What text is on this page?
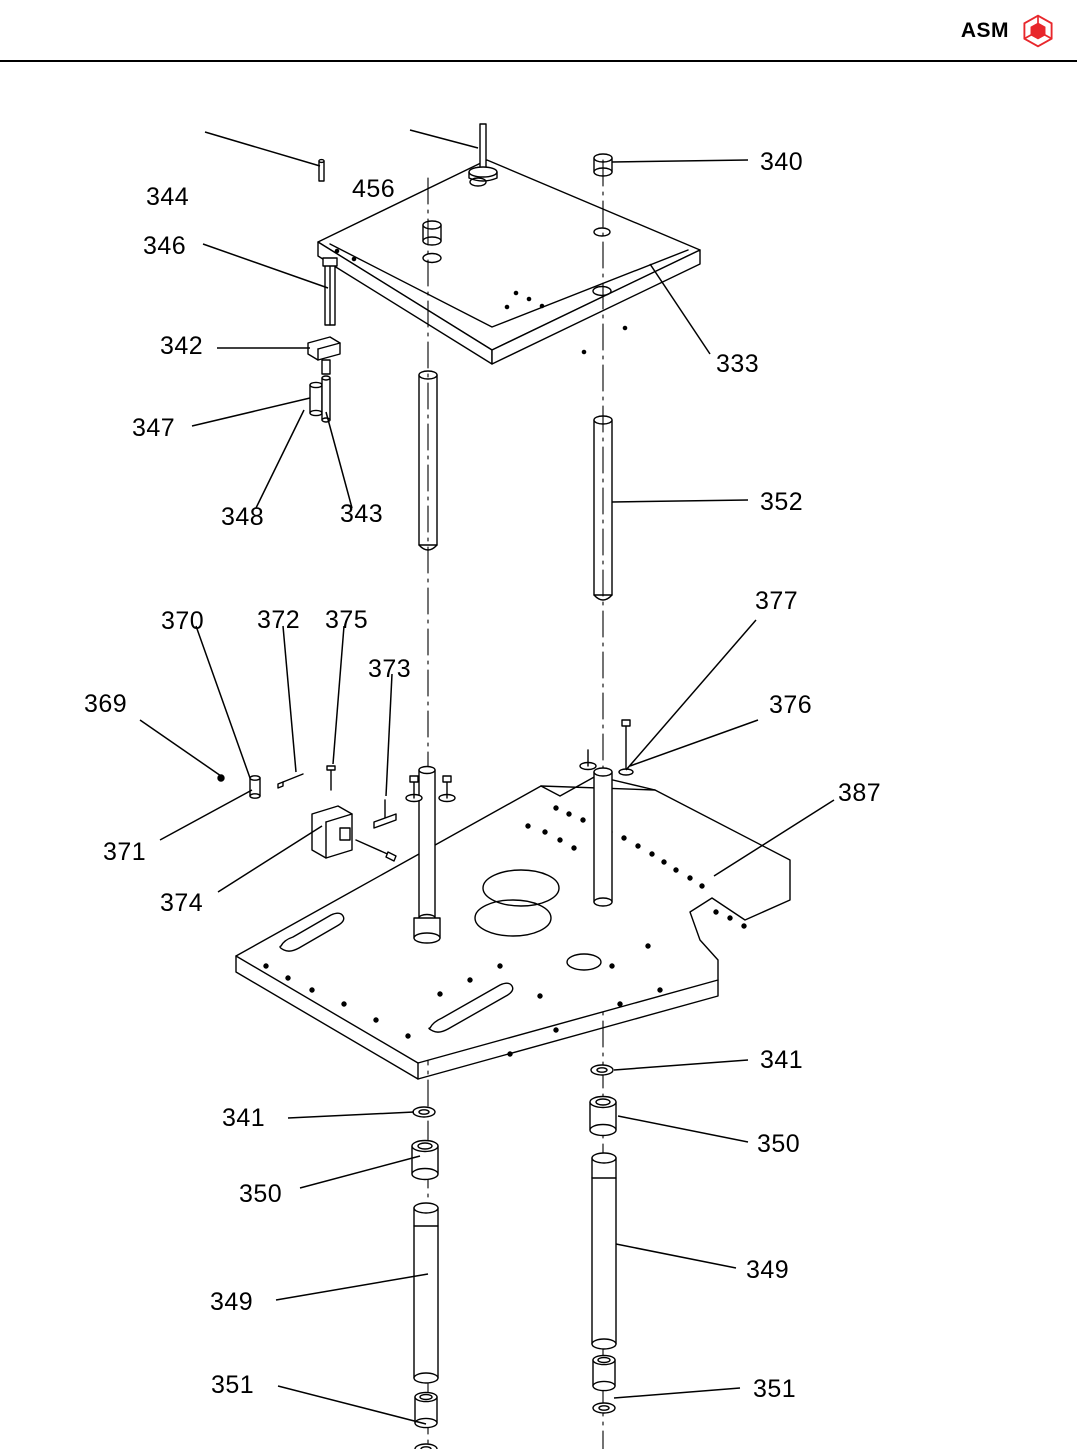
ASM
344	456
340
346
333
342
347
348	343	352
370 372 375
373
377
369	376
387
371
374
341
350
341
350
349
349
351	351
